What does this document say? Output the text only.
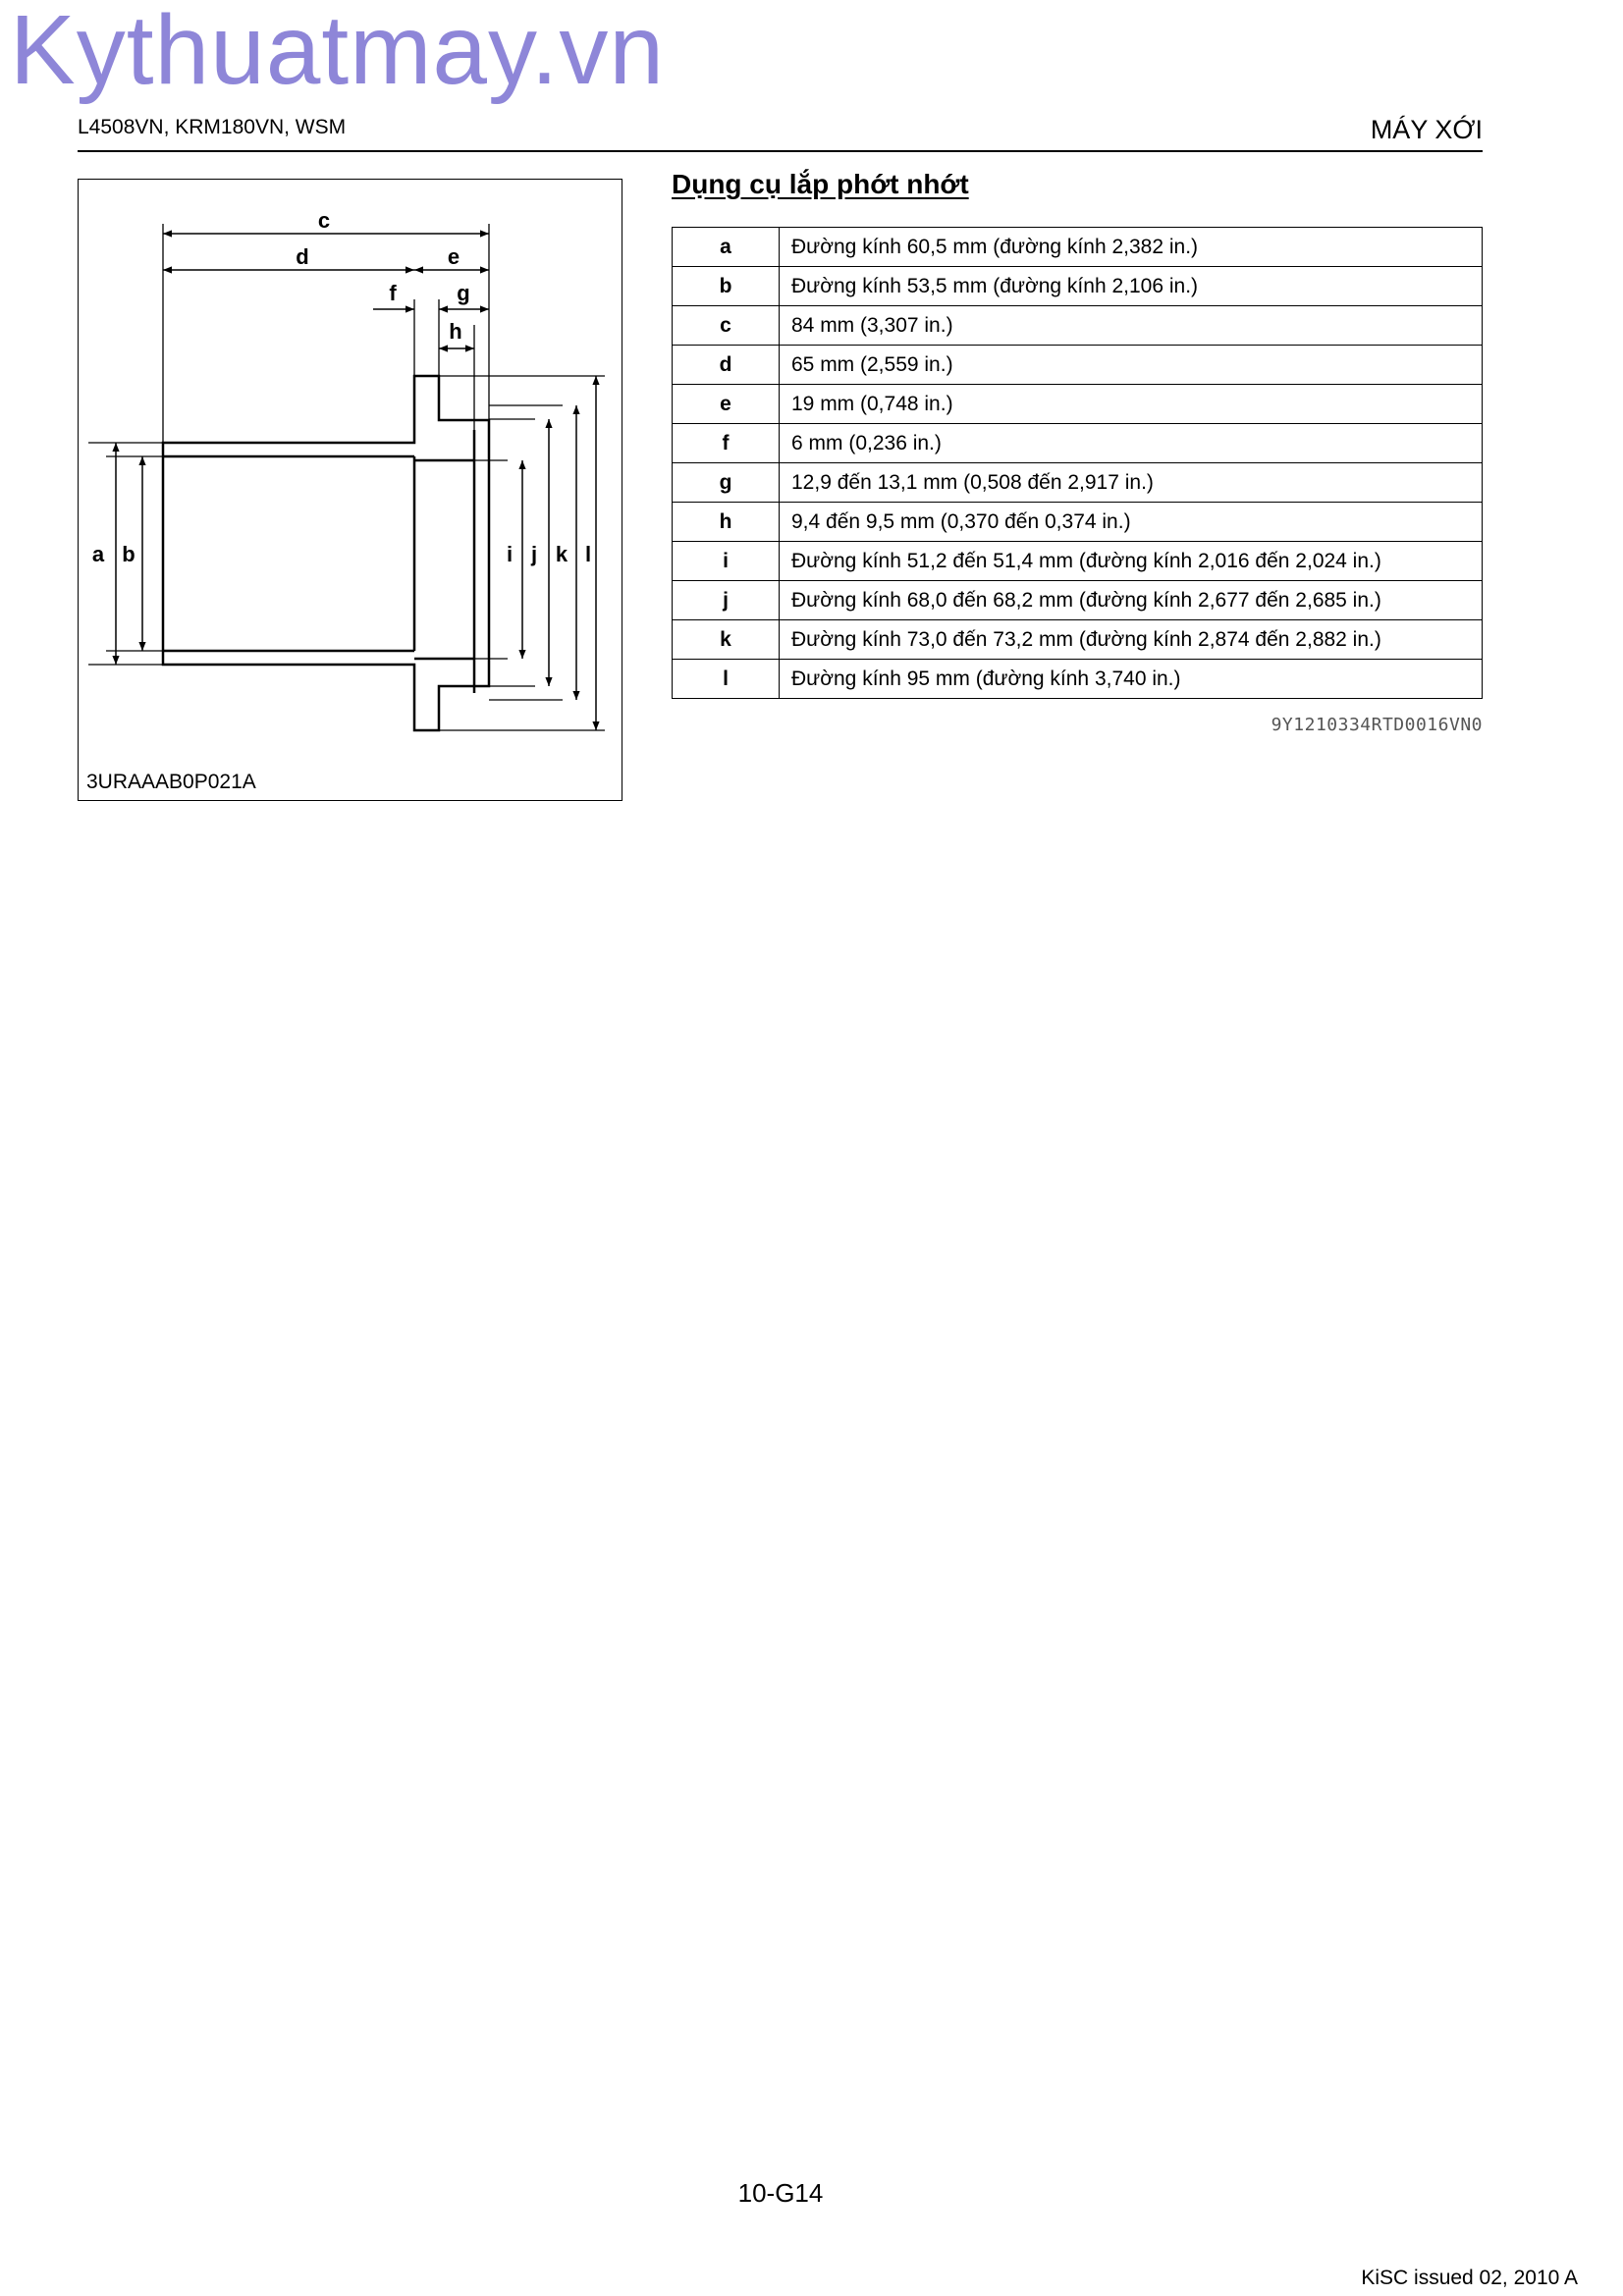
Kythuatmay.vn
L4508VN, KRM180VN, WSM	MÁY XỚI
c
d	e
f	g
h
a b	i j k l
3URAAAB0P021A
Dụng cụ lắp phớt nhớt
a	Đường kính 60,5 mm (đường kính 2,382 in.)
b	Đường kính 53,5 mm (đường kính 2,106 in.)
c	84 mm (3,307 in.)
d	65 mm (2,559 in.)
e	19 mm (0,748 in.)
f	6 mm (0,236 in.)
g	12,9 đến 13,1 mm (0,508 đến 2,917 in.)
h	9,4 đến 9,5 mm (0,370 đến 0,374 in.)
i	Đường kính 51,2 đến 51,4 mm (đường kính 2,016 đến 2,024 in.)
j	Đường kính 68,0 đến 68,2 mm (đường kính 2,677 đến 2,685 in.)
k	Đường kính 73,0 đến 73,2 mm (đường kính 2,874 đến 2,882 in.)
l	Đường kính 95 mm (đường kính 3,740 in.)
9Y1210334RTD0016VN0
10-G14
KiSC issued 02, 2010 A
